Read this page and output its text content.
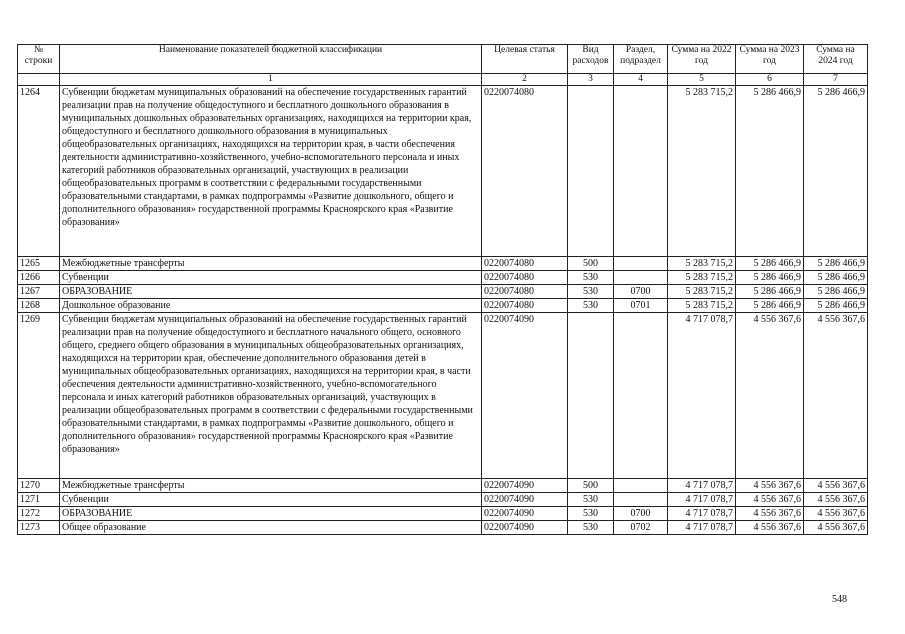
№ строки	Наименование показателей бюджетной классификации	Целевая статья	Вид расходов	Раздел, подраздел	Сумма на 2022 год	Сумма на 2023 год	Сумма на 2024 год
	1	2	3	4	5	6	7
1264	Субвенции бюджетам муниципальных образований на обеспечение государственных гарантий реализации прав на получение общедоступного и бесплатного дошкольного образования в муниципальных дошкольных образовательных организациях, находящихся на территории края, общедоступного и бесплатного дошкольного образования в муниципальных общеобразовательных организациях, находящихся на территории края, в части обеспечения деятельности административно-хозяйственного, учебно-вспомогательного персонала и иных категорий работников образовательных организаций, участвующих в реализации общеобразовательных программ в соответствии с федеральными государственными образовательными стандартами, в рамках подпрограммы «Развитие дошкольного, общего и дополнительного образования» государственной программы Красноярского края «Развитие образования»	0220074080			5 283 715,2	5 286 466,9	5 286 466,9
1265	Межбюджетные трансферты	0220074080	500		5 283 715,2	5 286 466,9	5 286 466,9
1266	Субвенции	0220074080	530		5 283 715,2	5 286 466,9	5 286 466,9
1267	ОБРАЗОВАНИЕ	0220074080	530	0700	5 283 715,2	5 286 466,9	5 286 466,9
1268	Дошкольное образование	0220074080	530	0701	5 283 715,2	5 286 466,9	5 286 466,9
1269	Субвенции бюджетам муниципальных образований на обеспечение государственных гарантий реализации прав на получение общедоступного и бесплатного начального общего, основного общего, среднего общего образования в муниципальных общеобразовательных организациях, находящихся на территории края, обеспечение дополнительного образования детей в муниципальных общеобразовательных организациях, находящихся на территории края, в части обеспечения деятельности административно-хозяйственного, учебно-вспомогательного персонала и иных категорий работников образовательных организаций, участвующих в реализации общеобразовательных программ в соответствии с федеральными государственными образовательными стандартами, в рамках подпрограммы «Развитие дошкольного, общего и дополнительного образования» государственной программы Красноярского края «Развитие образования»	0220074090			4 717 078,7	4 556 367,6	4 556 367,6
1270	Межбюджетные трансферты	0220074090	500		4 717 078,7	4 556 367,6	4 556 367,6
1271	Субвенции	0220074090	530		4 717 078,7	4 556 367,6	4 556 367,6
1272	ОБРАЗОВАНИЕ	0220074090	530	0700	4 717 078,7	4 556 367,6	4 556 367,6
1273	Общее образование	0220074090	530	0702	4 717 078,7	4 556 367,6	4 556 367,6
548
